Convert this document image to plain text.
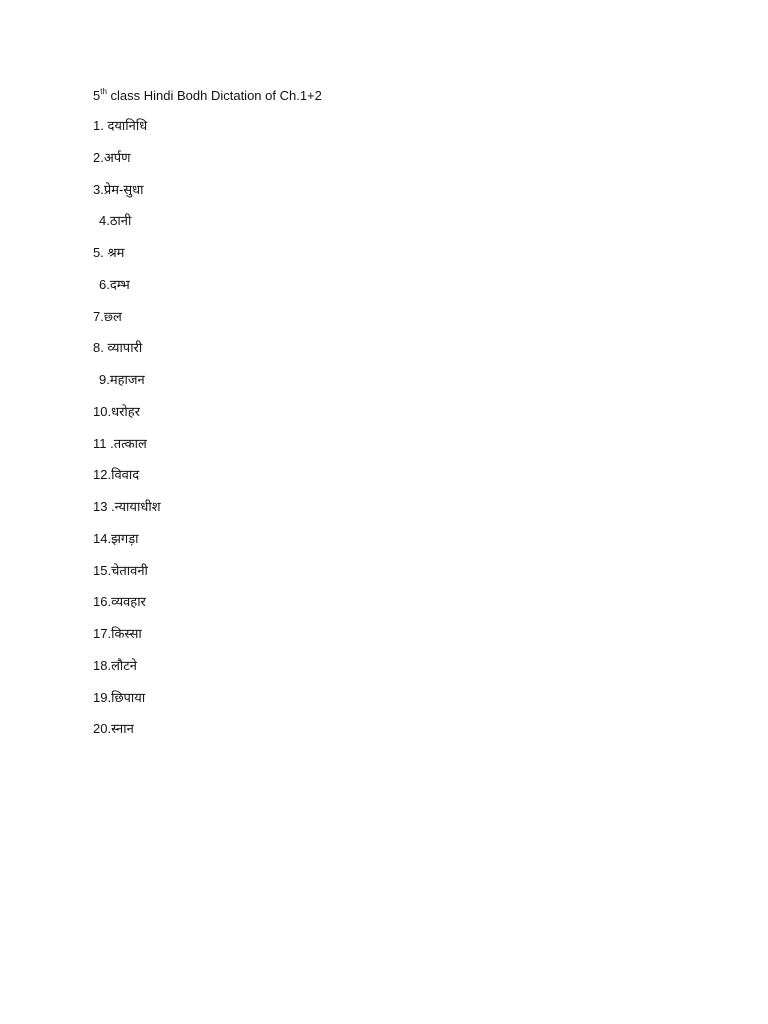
5th class Hindi Bodh Dictation of Ch.1+2
1. दयानिधि
2.अर्पण
3.प्रेम-सुधा
4.ठानी
5. श्रम
6.दम्भ
7.छ्ल
8. व्यापारी
9.महाजन
10.धरोहर
11 .तत्काल
12.विवाद
13 .न्यायाधीश
14.झगड़ा
15.चेतावनी
16.व्यवहार
17.किस्सा
18.लौटने
19.छिपाया
20.स्नान
